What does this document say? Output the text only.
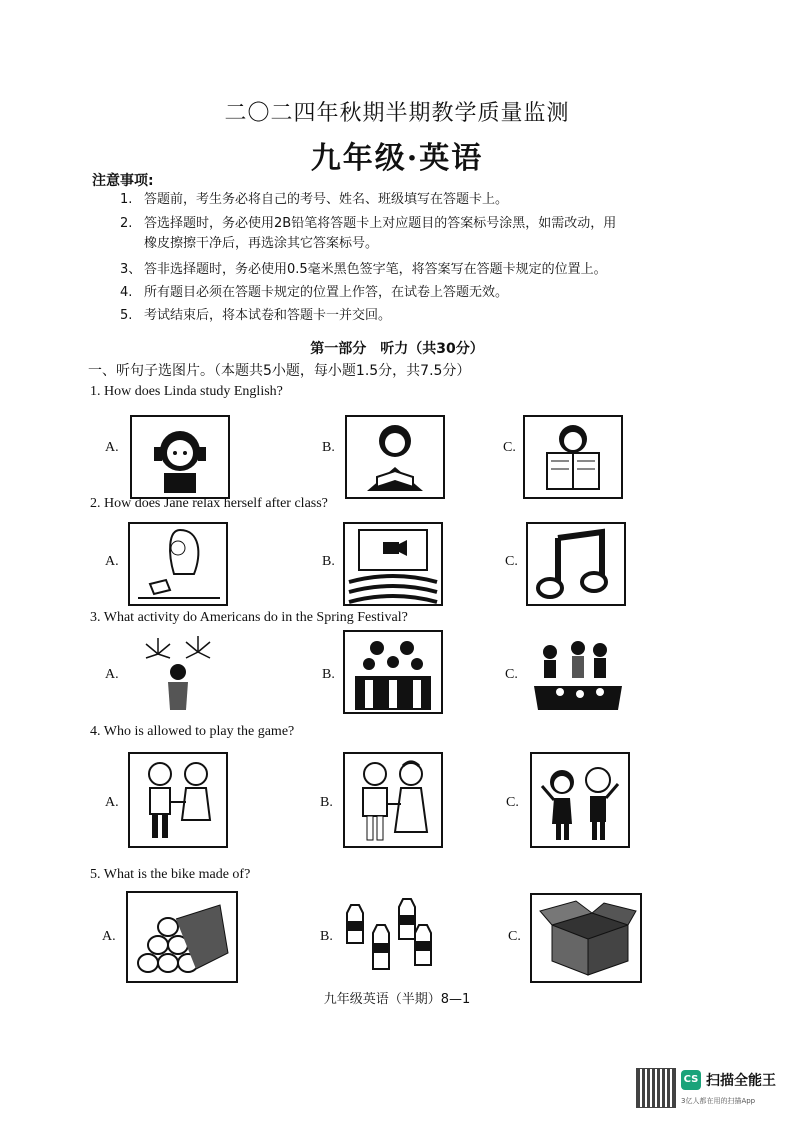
二〇二四年秋期半期教学质量监测
九年级·英语
注意事项:
1. 答题前，考生务必将自己的考号、姓名、班级填写在答题卡上。
2. 答选择题时，务必使用2B铅笔将答题卡上对应题目的答案标号涂黑，如需改动，用
橡皮擦擦干净后，再选涂其它答案标号。
3、 答非选择题时，务必使用0.5毫米黑色签字笔，将答案写在答题卡规定的位置上。
4. 所有题目必须在答题卡规定的位置上作答，在试卷上答题无效。
5. 考试结束后，将本试卷和答题卡一并交回。
第一部分　听力（共30分）
一、听句子选图片。（本题共5小题，每小题1.5分，共7.5分）
1. How does Linda study English?
A.	B.	C.
2. How does Jane relax herself after class?
A.	B.	C.
3. What activity do Americans do in the Spring Festival?
A.	B.	C.
4. Who is allowed to play the game?
A.	B.	C.
5. What is the bike made of?
A.	B.	C.
九年级英语（半期）8—1
CS 扫描全能王
3亿人都在用的扫描App
